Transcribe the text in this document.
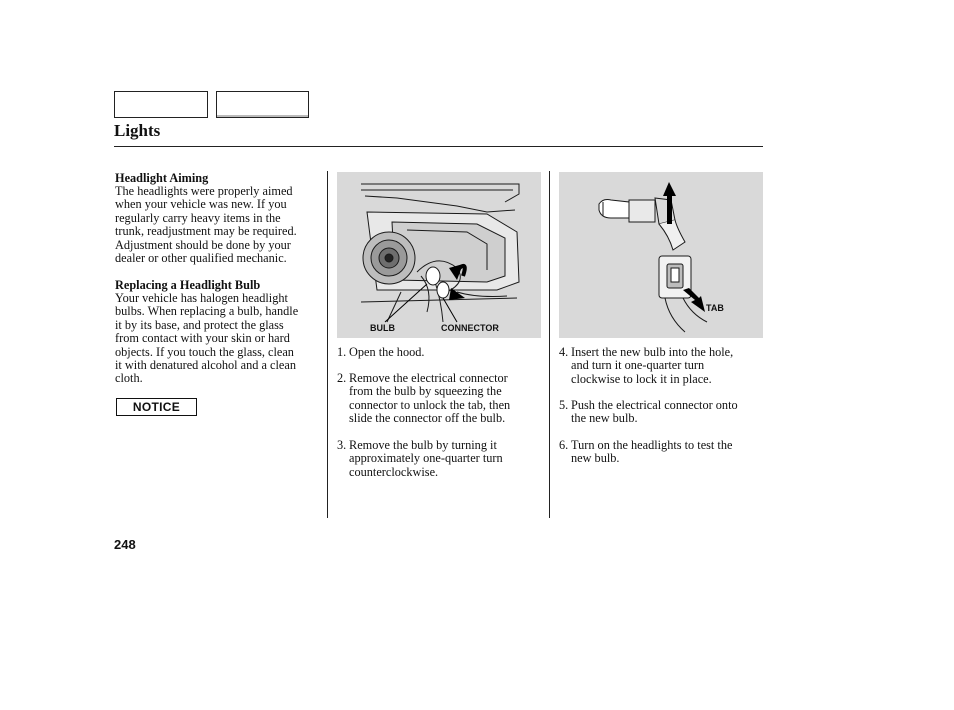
Lights
Headlight Aiming
The headlights were properly aimed
when your vehicle was new. If you
regularly carry heavy items in the
trunk, readjustment may be required.
Adjustment should be done by your
dealer or other qualified mechanic.
Replacing a Headlight Bulb
Your vehicle has halogen headlight
bulbs. When replacing a bulb, handle
it by its base, and protect the glass
from contact with your skin or hard
objects. If you touch the glass, clean
it with denatured alcohol and a clean
cloth.
NOTICE
BULB	CONNECTOR
TAB
1. Open the hood.
2. Remove the electrical connector
from the bulb by squeezing the
connector to unlock the tab, then
slide the connector off the bulb.
3. Remove the bulb by turning it
approximately one-quarter turn
counterclockwise.
4. Insert the new bulb into the hole,
and turn it one-quarter turn
clockwise to lock it in place.
5. Push the electrical connector onto
the new bulb.
6. Turn on the headlights to test the
new bulb.
248
